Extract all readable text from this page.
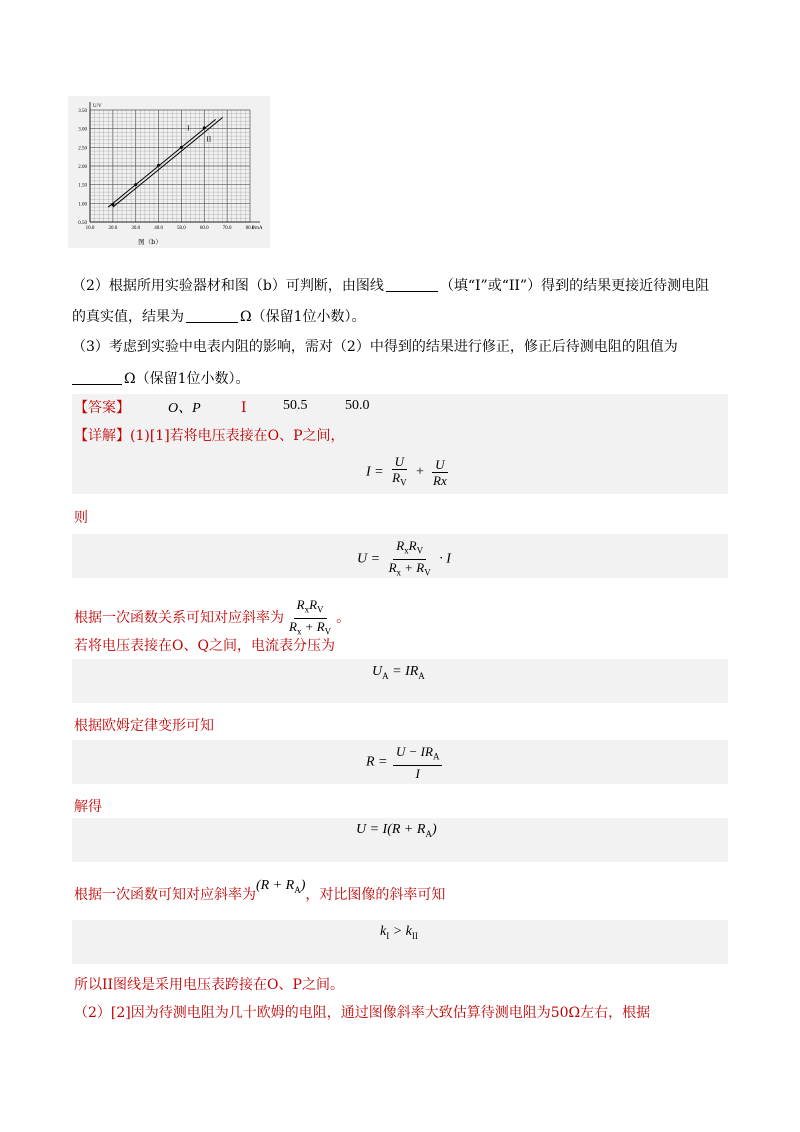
0.50
1.00
1.50
2.00
2.50
3.00
3.50
10.0	20.0	30.0	40.0	50.0	60.0	70.0	80.0
U/V
I/mA
I
II
图（b）
（2）根据所用实验器材和图（b）可判断，由图线	（填“I”或“II”）得到的结果更接近待测电阻
的真实值，结果为	Ω（保留1位小数）。
（3）考虑到实验中电表内阻的影响，需对（2）中得到的结果进行修正，修正后待测电阻的阻值为
Ω（保留1位小数）。
【答案】	O、P	I	50.5	50.0
【详解】(1)[1]若将电压表接在O、P之间，
$I = \frac{U}{R_V} + \frac{U}{Rx}$
则
$U = \frac{R_xR_V}{R_x + R_V} \cdot I$
根据一次函数关系可知对应斜率为 $\frac{R_xR_V}{R_x + R_V}$ 。
若将电压表接在O、Q之间，电流表分压为
$U_A = IR_A$
根据欧姆定律变形可知
$R = \frac{U - IR_A}{I}$
解得
$U = I(R + R_A)$
根据一次函数可知对应斜率为$(R + R_A)$，对比图像的斜率可知
$k_I > k_{II}$
所以II图线是采用电压表跨接在O、P之间。
（2）[2]因为待测电阻为几十欧姆的电阻，通过图像斜率大致估算待测电阻为50Ω左右，根据
